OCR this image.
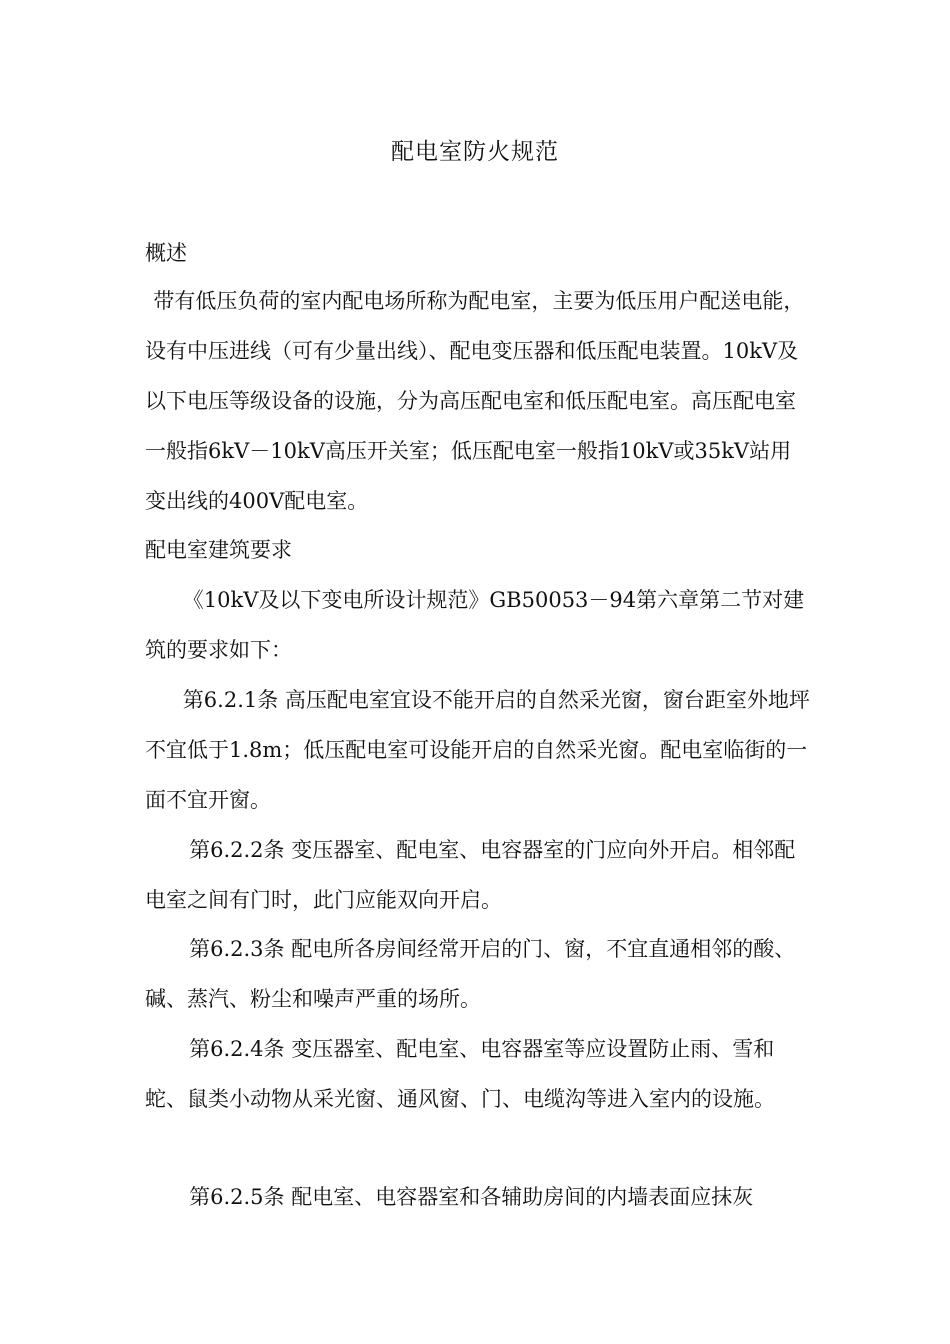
配电室防火规范
概述
带有低压负荷的室内配电场所称为配电室，主要为低压用户配送电能，设有中压进线（可有少量出线）、配电变压器和低压配电装置。10kV及以下电压等级设备的设施，分为高压配电室和低压配电室。高压配电室一般指6kV－10kV高压开关室；低压配电室一般指10kV或35kV站用变出线的400V配电室。
配电室建筑要求
《10kV及以下变电所设计规范》GB50053－94第六章第二节对建筑的要求如下：
第6.2.1条 高压配电室宜设不能开启的自然采光窗，窗台距室外地坪不宜低于1.8m；低压配电室可设能开启的自然采光窗。配电室临街的一面不宜开窗。
第6.2.2条 变压器室、配电室、电容器室的门应向外开启。相邻配电室之间有门时，此门应能双向开启。
第6.2.3条 配电所各房间经常开启的门、窗，不宜直通相邻的酸、碱、蒸汽、粉尘和噪声严重的场所。
第6.2.4条 变压器室、配电室、电容器室等应设置防止雨、雪和蛇、鼠类小动物从采光窗、通风窗、门、电缆沟等进入室内的设施。
第6.2.5条 配电室、电容器室和各辅助房间的内墙表面应抹灰
